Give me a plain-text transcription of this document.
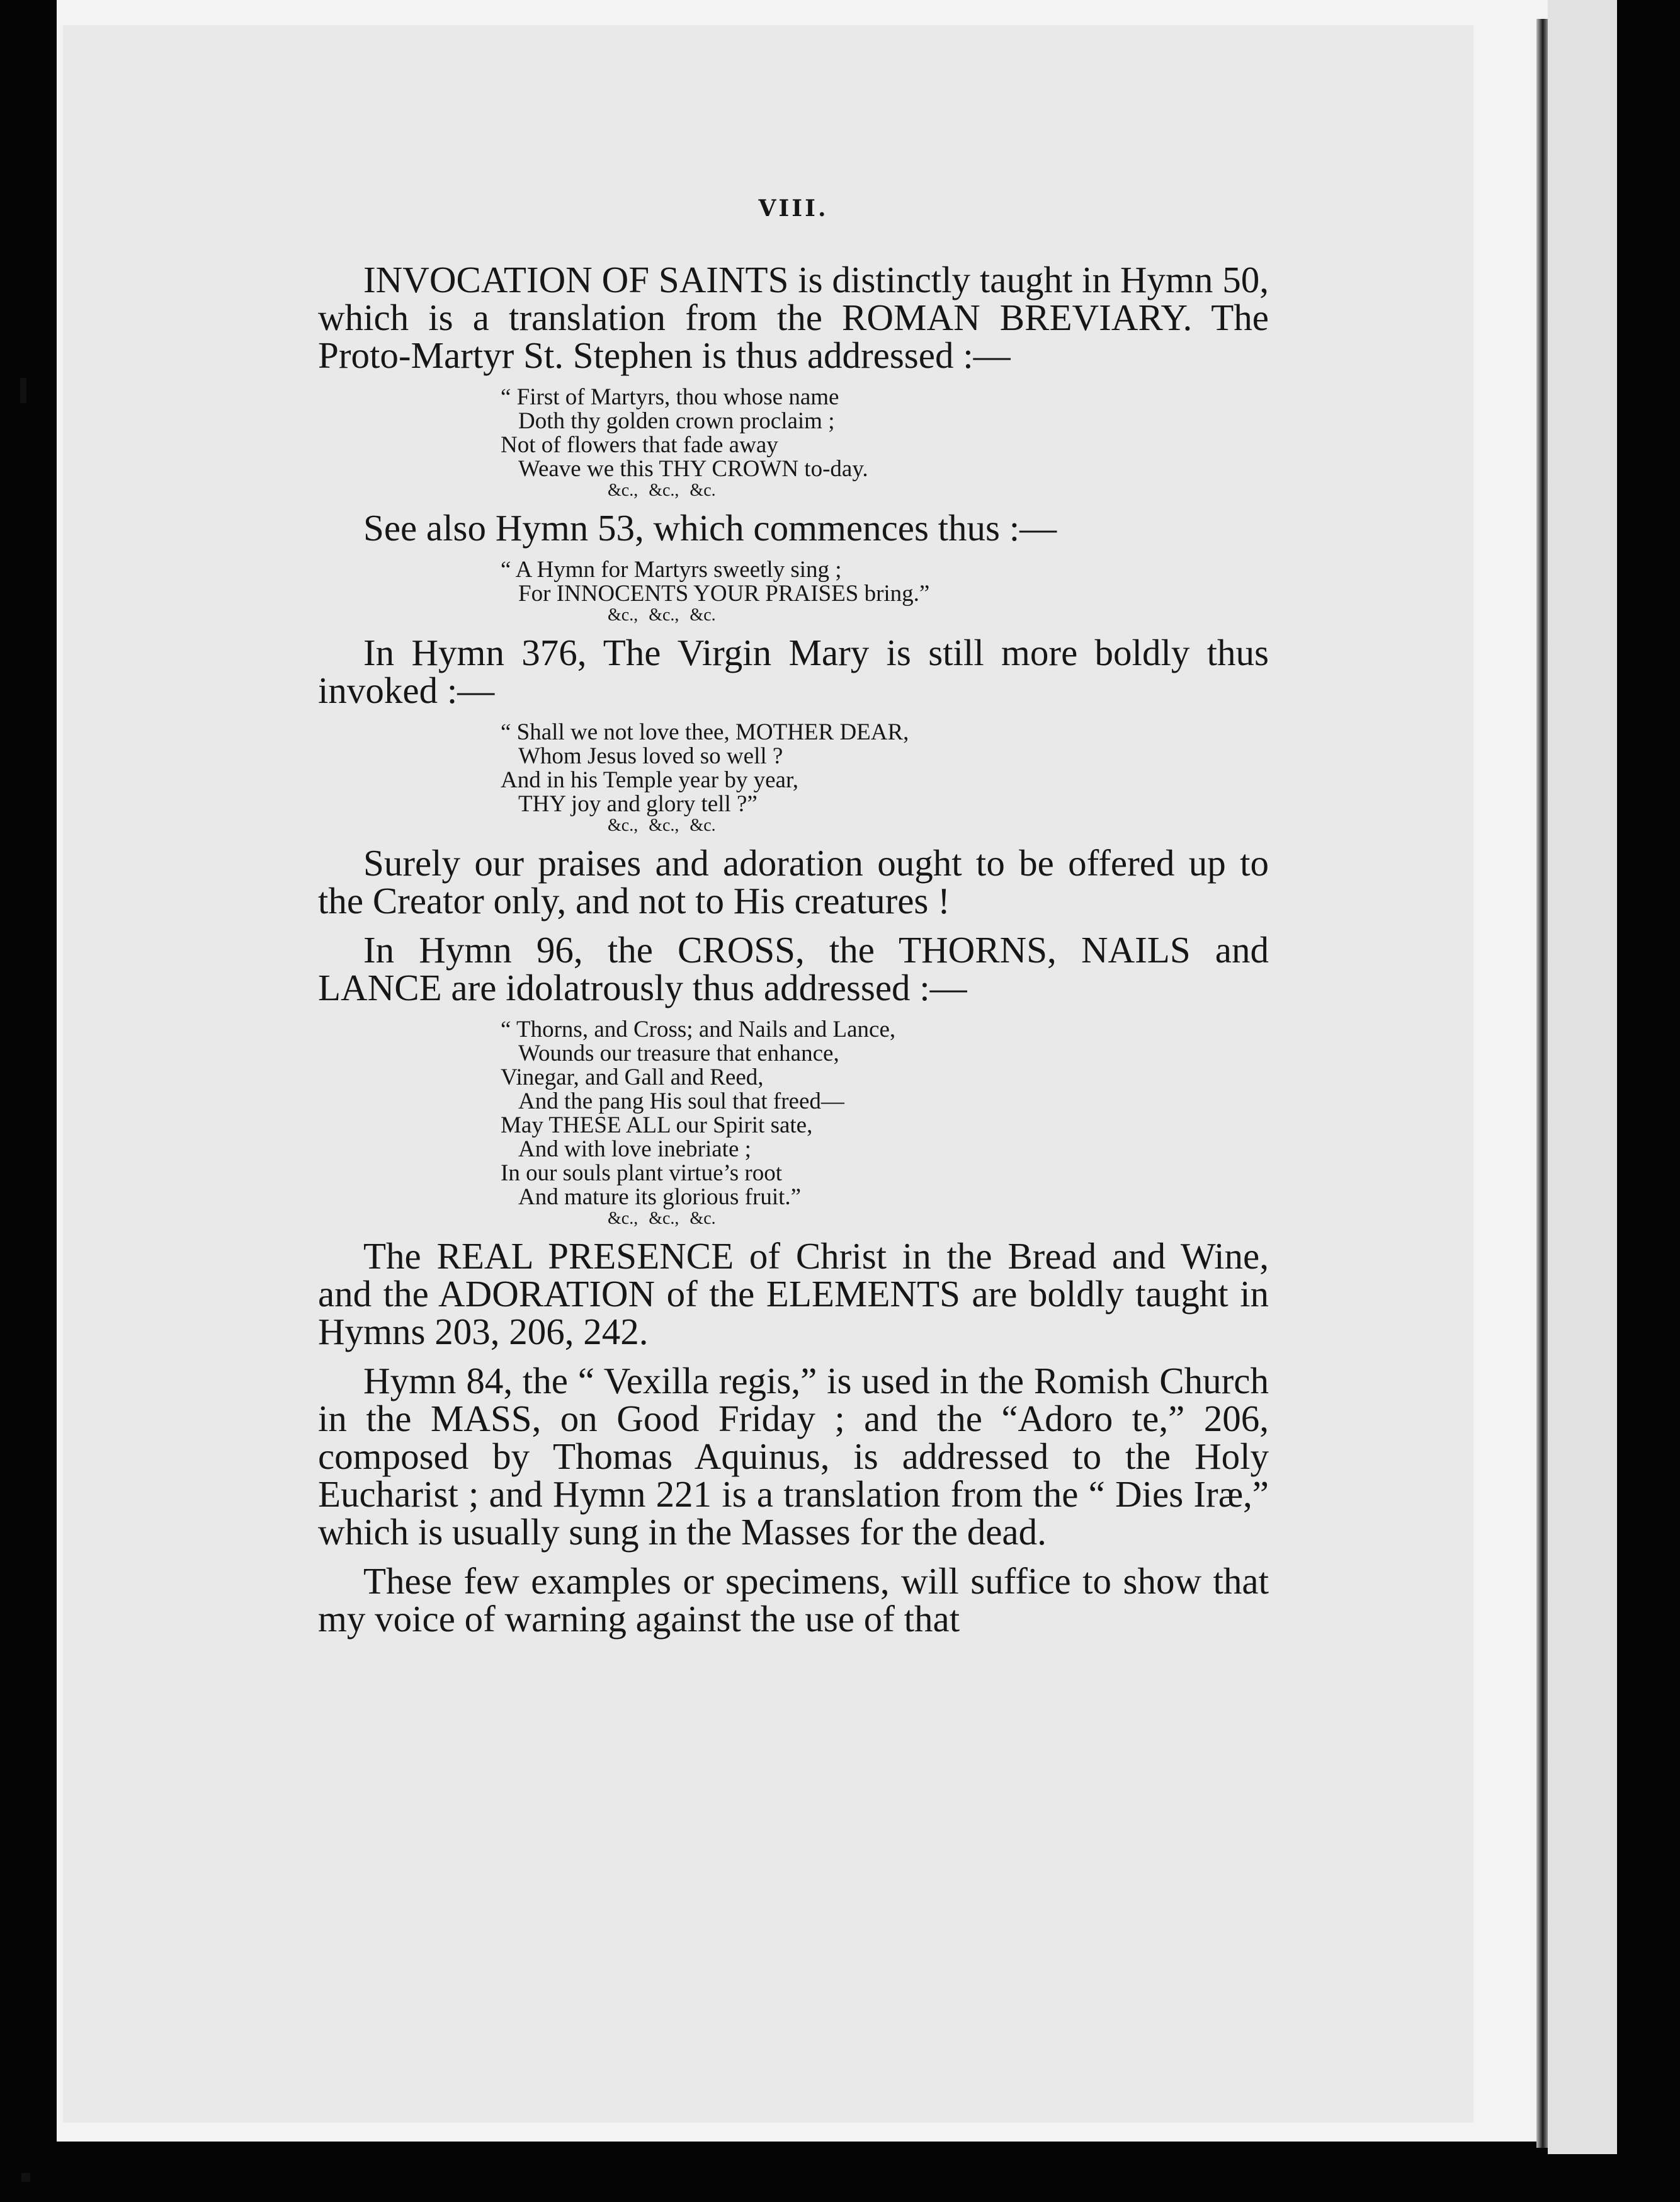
VIII.

INVOCATION OF SAINTS is distinctly taught in Hymn 50, which is a translation from the ROMAN BREVIARY. The Proto-Martyr St. Stephen is thus addressed :—

“ First of Martyrs, thou whose name
Doth thy golden crown proclaim ;
Not of flowers that fade away
Weave we this THY CROWN to-day.
&c., &c., &c.

See also Hymn 53, which commences thus :—

“ A Hymn for Martyrs sweetly sing ;
For INNOCENTS YOUR PRAISES bring.”
&c., &c., &c.

In Hymn 376, The Virgin Mary is still more boldly thus invoked :—

“ Shall we not love thee, MOTHER DEAR,
Whom Jesus loved so well ?
And in his Temple year by year,
THY joy and glory tell ?”
&c., &c., &c.

Surely our praises and adoration ought to be offered up to the Creator only, and not to His creatures !

In Hymn 96, the CROSS, the THORNS, NAILS and LANCE are idolatrously thus addressed :—

“ Thorns, and Cross; and Nails and Lance,
Wounds our treasure that enhance,
Vinegar, and Gall and Reed,
And the pang His soul that freed—
May THESE ALL our Spirit sate,
And with love inebriate ;
In our souls plant virtue’s root
And mature its glorious fruit.”
&c., &c., &c.

The REAL PRESENCE of Christ in the Bread and Wine, and the ADORATION of the ELEMENTS are boldly taught in Hymns 203, 206, 242.

Hymn 84, the “ Vexilla regis,” is used in the Romish Church in the MASS, on Good Friday ; and the “Adoro te,” 206, composed by Thomas Aquinus, is addressed to the Holy Eucharist ; and Hymn 221 is a translation from the “ Dies Iræ,” which is usually sung in the Masses for the dead.

These few examples or specimens, will suffice to show that my voice of warning against the use of that
